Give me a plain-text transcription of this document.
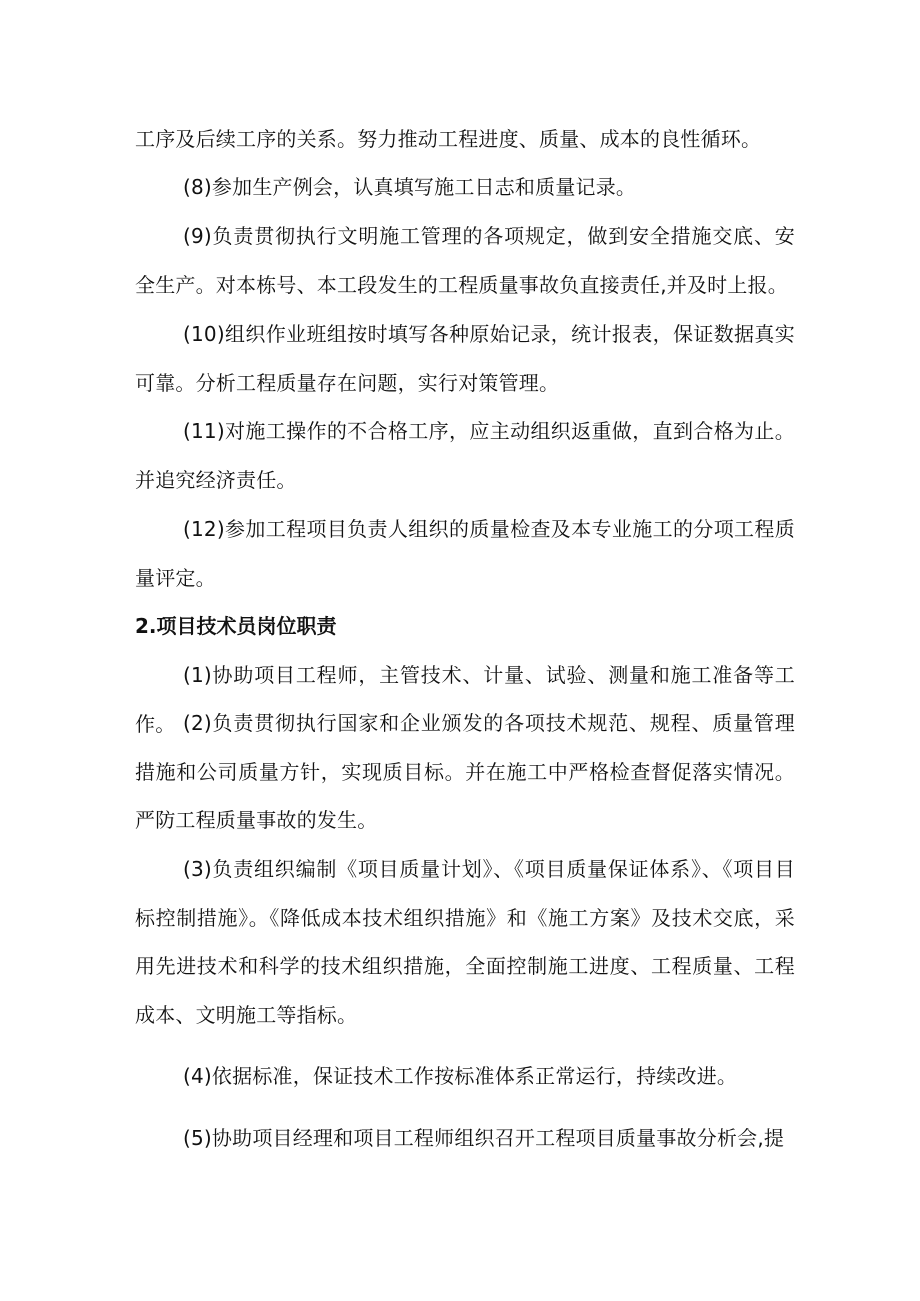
工序及后续工序的关系。努力推动工程进度、质量、成本的良性循环。

(8)参加生产例会，认真填写施工日志和质量记录。

(9)负责贯彻执行文明施工管理的各项规定，做到安全措施交底、安全生产。对本栋号、本工段发生的工程质量事故负直接责任,并及时上报。

(10)组织作业班组按时填写各种原始记录，统计报表，保证数据真实可靠。分析工程质量存在问题，实行对策管理。

(11)对施工操作的不合格工序，应主动组织返重做，直到合格为止。并追究经济责任。

(12)参加工程项目负责人组织的质量检查及本专业施工的分项工程质量评定。

2.项目技术员岗位职责

(1)协助项目工程师，主管技术、计量、试验、测量和施工准备等工作。 (2)负责贯彻执行国家和企业颁发的各项技术规范、规程、质量管理措施和公司质量方针，实现质目标。并在施工中严格检查督促落实情况。严防工程质量事故的发生。

(3)负责组织编制《项目质量计划》、《项目质量保证体系》、《项目目标控制措施》。《降低成本技术组织措施》和《施工方案》及技术交底，采用先进技术和科学的技术组织措施，全面控制施工进度、工程质量、工程成本、文明施工等指标。

(4)依据标准，保证技术工作按标准体系正常运行，持续改进。

(5)协助项目经理和项目工程师组织召开工程项目质量事故分析会,提
